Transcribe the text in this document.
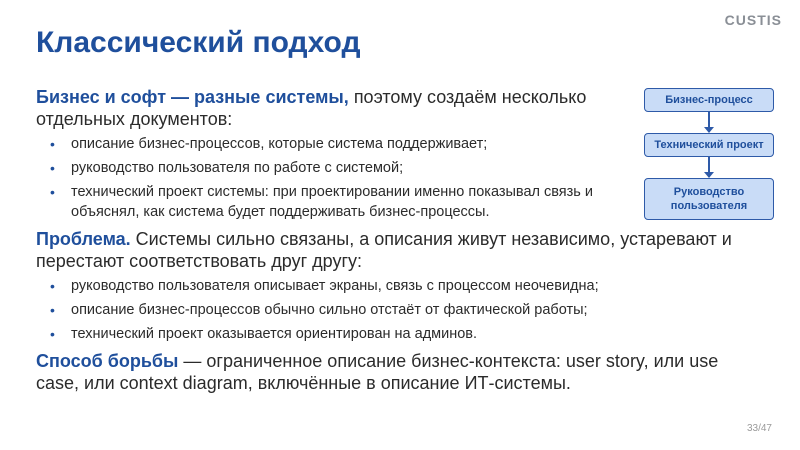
CUSTIS
Классический подход

Бизнес и софт — разные системы, поэтому создаём несколько отдельных документов:

• описание бизнес-процессов, которые система поддерживает;
• руководство пользователя по работе с системой;
• технический проект системы: при проектировании именно показывал связь и объяснял, как система будет поддерживать бизнес-процессы.

Проблема. Системы сильно связаны, а описания живут независимо, устаревают и перестают соответствовать друг другу:

• руководство пользователя описывает экраны, связь с процессом неочевидна;
• описание бизнес-процессов обычно сильно отстаёт от фактической работы;
• технический проект оказывается ориентирован на админов.

Способ борьбы — ограниченное описание бизнес-контекста: user story, или use case, или context diagram, включённые в описание ИТ-системы.

Бизнес-процесс
Технический проект
Руководство пользователя
33/47
